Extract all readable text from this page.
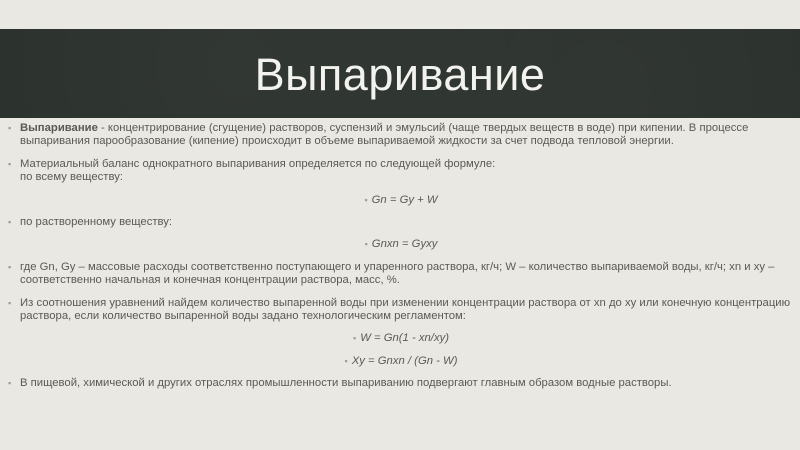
Выпаривание
▪ Выпаривание - концентрирование (сгущение) растворов, суспензий и эмульсий (чаще твердых веществ в воде) при кипении. В процессе выпаривания парообразование (кипение) происходит в объеме выпариваемой жидкости за счет подвода тепловой энергии.
▪ Материальный баланс однократного выпаривания определяется по следующей формуле:
по всему веществу:
▪ Gn = Gy + W
▪ по растворенному веществу:
▪ Gnxn = Gyxy
▪ где Gn, Gy – массовые расходы соответственно поступающего и упаренного раствора, кг/ч; W – количество выпариваемой воды, кг/ч; xn и xy – соответственно начальная и конечная концентрации раствора, масс, %.
▪ Из соотношения уравнений найдем количество выпаренной воды при изменении концентрации раствора от xn до xy или конечную концентрацию раствора, если количество выпаренной воды задано технологическим регламентом:
▪ W = Gn(1 - xn/xy)
▪ Xy = Gnxn / (Gn - W)
▪ В пищевой, химической и других отраслях промышленности выпариванию подвергают главным образом водные растворы.
